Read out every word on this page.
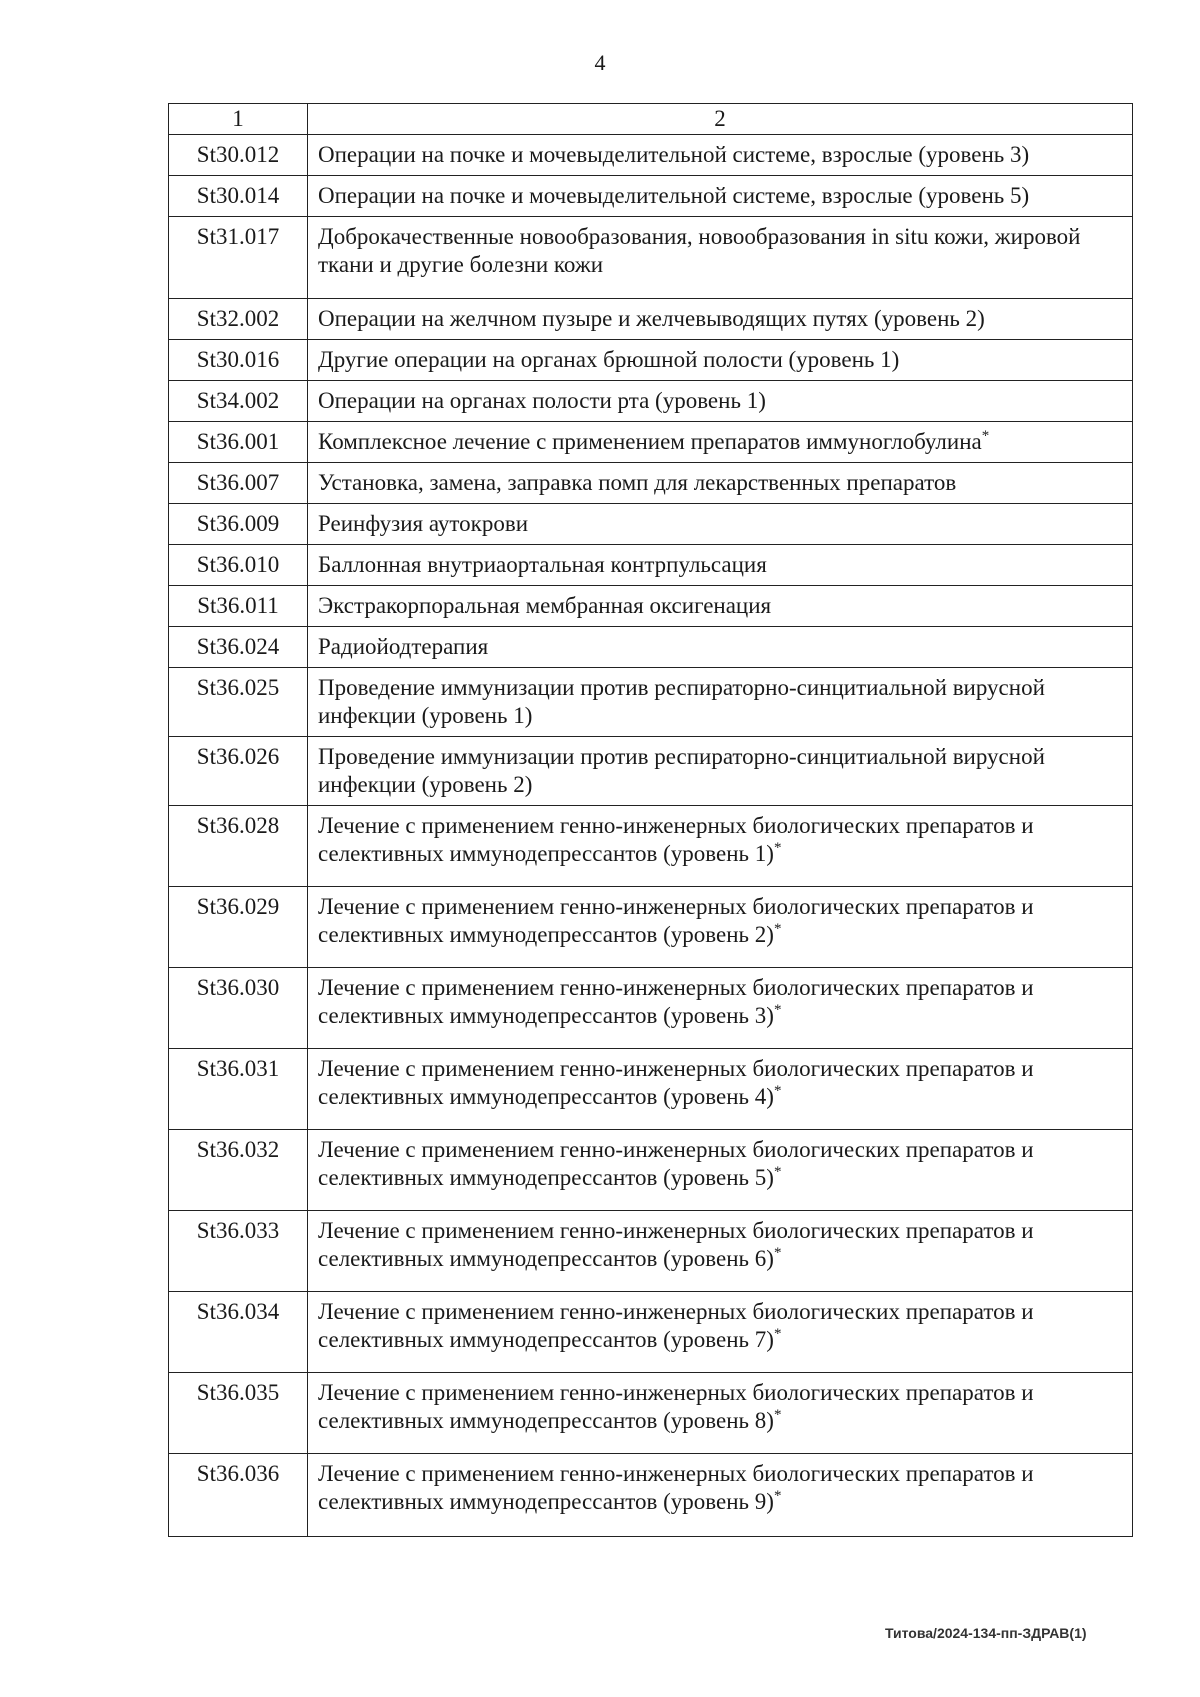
4
1	2
St30.012	Операции на почке и мочевыделительной системе, взрослые (уровень 3)
St30.014	Операции на почке и мочевыделительной системе, взрослые (уровень 5)
St31.017	Доброкачественные новообразования, новообразования in situ кожи, жировой ткани и другие болезни кожи
St32.002	Операции на желчном пузыре и желчевыводящих путях (уровень 2)
St30.016	Другие операции на органах брюшной полости (уровень 1)
St34.002	Операции на органах полости рта (уровень 1)
St36.001	Комплексное лечение с применением препаратов иммуноглобулина*
St36.007	Установка, замена, заправка помп для лекарственных препаратов
St36.009	Реинфузия аутокрови
St36.010	Баллонная внутриаортальная контрпульсация
St36.011	Экстракорпоральная мембранная оксигенация
St36.024	Радиойодтерапия
St36.025	Проведение иммунизации против респираторно-синцитиальной вирусной инфекции (уровень 1)
St36.026	Проведение иммунизации против респираторно-синцитиальной вирусной инфекции (уровень 2)
St36.028	Лечение с применением генно-инженерных биологических препаратов и селективных иммунодепрессантов (уровень 1)*
St36.029	Лечение с применением генно-инженерных биологических препаратов и селективных иммунодепрессантов (уровень 2)*
St36.030	Лечение с применением генно-инженерных биологических препаратов и селективных иммунодепрессантов (уровень 3)*
St36.031	Лечение с применением генно-инженерных биологических препаратов и селективных иммунодепрессантов (уровень 4)*
St36.032	Лечение с применением генно-инженерных биологических препаратов и селективных иммунодепрессантов (уровень 5)*
St36.033	Лечение с применением генно-инженерных биологических препаратов и селективных иммунодепрессантов (уровень 6)*
St36.034	Лечение с применением генно-инженерных биологических препаратов и селективных иммунодепрессантов (уровень 7)*
St36.035	Лечение с применением генно-инженерных биологических препаратов и селективных иммунодепрессантов (уровень 8)*
St36.036	Лечение с применением генно-инженерных биологических препаратов и селективных иммунодепрессантов (уровень 9)*
Титова/2024-134-пп-ЗДРАВ(1)
